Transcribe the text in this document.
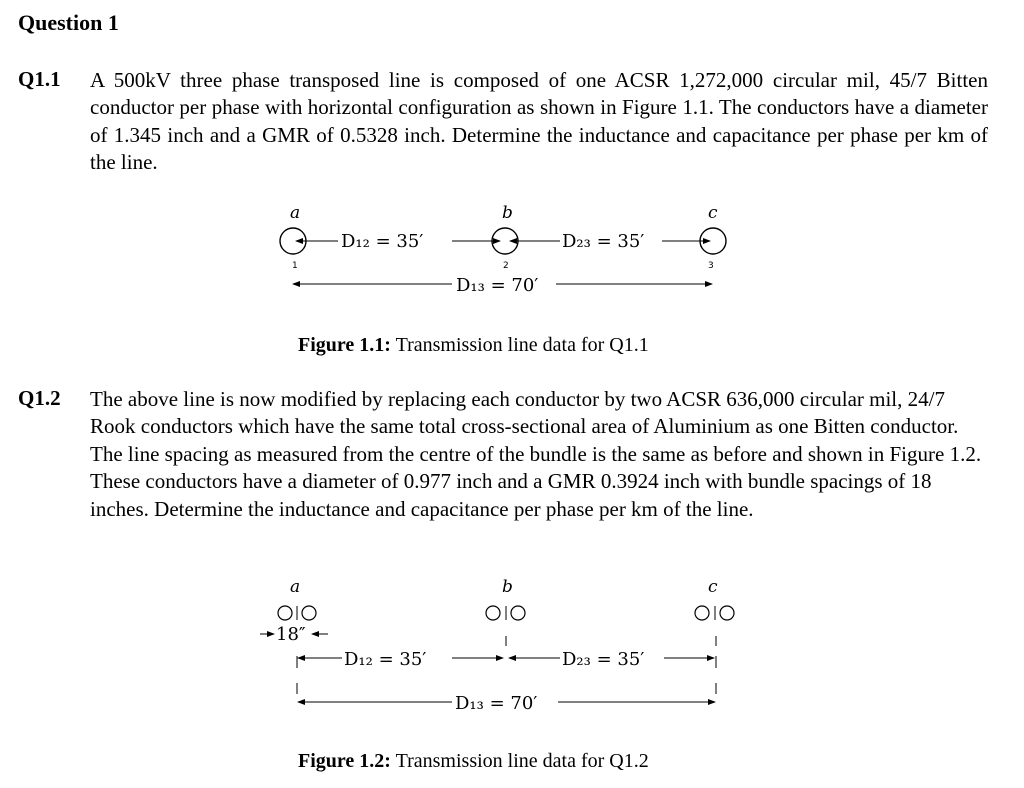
Question 1
Q1.1 A 500kV three phase transposed line is composed of one ACSR 1,272,000 circular mil, 45/7 Bitten conductor per phase with horizontal configuration as shown in Figure 1.1. The conductors have a diameter of 1.345 inch and a GMR of 0.5328 inch. Determine the inductance and capacitance per phase per km of the line.
a	b	c
D₁₂ = 35′	D₂₃ = 35′
1	2	3
D₁₃ = 70′
Figure 1.1: Transmission line data for Q1.1
Q1.2 The above line is now modified by replacing each conductor by two ACSR 636,000 circular mil, 24/7 Rook conductors which have the same total cross-sectional area of Aluminium as one Bitten conductor. The line spacing as measured from the centre of the bundle is the same as before and shown in Figure 1.2. These conductors have a diameter of 0.977 inch and a GMR 0.3924 inch with bundle spacings of 18 inches. Determine the inductance and capacitance per phase per km of the line.
a	b	c
18″
D₁₂ = 35′	D₂₃ = 35′
D₁₃ = 70′
Figure 1.2: Transmission line data for Q1.2
